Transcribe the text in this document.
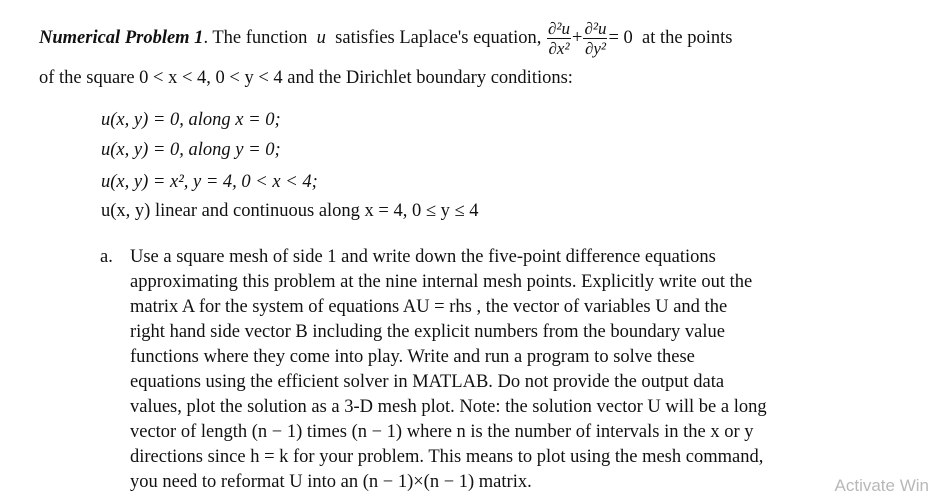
Numerical Problem 1. The function u satisfies Laplace's equation, $\frac{\text{∂²u}}{\text{∂x²}} + \frac{\text{∂²u}}{\text{∂y²}} = 0$ at the points
of the square 0 < x < 4, 0 < y < 4 and the Dirichlet boundary conditions:
u(x, y) = 0, along x = 0;
u(x, y) = 0, along y = 0;
u(x, y) = x², y = 4, 0 < x < 4;
u(x, y) linear and continuous along x = 4, 0 ≤ y ≤ 4
a. Use a square mesh of side 1 and write down the five-point difference equations
approximating this problem at the nine internal mesh points. Explicitly write out the
matrix A for the system of equations AU = rhs , the vector of variables U and the
right hand side vector B including the explicit numbers from the boundary value
functions where they come into play. Write and run a program to solve these
equations using the efficient solver in MATLAB. Do not provide the output data
values, plot the solution as a 3-D mesh plot. Note: the solution vector U will be a long
vector of length (n − 1) times (n − 1) where n is the number of intervals in the x or y
directions since h = k for your problem. This means to plot using the mesh command,
you need to reformat U into an (n − 1)×(n − 1) matrix.	Activate Win
